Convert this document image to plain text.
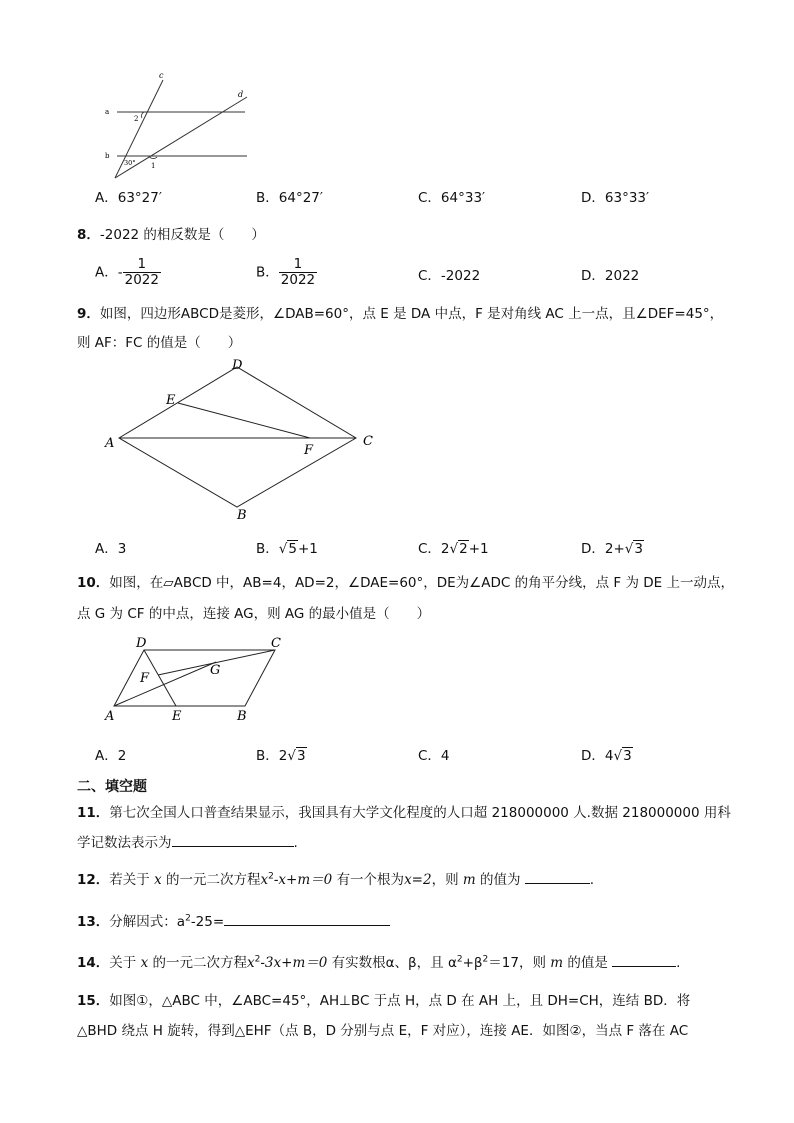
c
d
a
b
2
30° 1
A．63°27′	B．64°27′	C．64°33′	D．63°33′
8．-2022 的相反数是（　　）
A．- $\frac{1}{2022}$	B． $\frac{1}{2022}$	C．-2022	D．2022
9．如图，四边形ABCD是菱形，∠DAB=60°，点 E 是 DA 中点，F 是对角线 AC 上一点，且∠DEF=45°，
则 AF：FC 的值是（　　）
D
E
A	F
C
B
A．3	B．√5+1	C．2√2+1	D．2+√3
10．如图，在▱ABCD 中，AB=4，AD=2，∠DAE=60°，DE为∠ADC 的角平分线，点 F 为 DE 上一动点，
点 G 为 CF 的中点，连接 AG，则 AG 的最小值是（　　）
D	C
F
G
A	E	B
A．2	B．2√3	C．4	D．4√3
二、填空题
11．第七次全国人口普查结果显示，我国具有大学文化程度的人口超 218000000 人.数据 218000000 用科
学记数法表示为	.
12．若关于 x 的一元二次方程$x^2-x+m=0$ 有一个根为x=2，则 m 的值为	.
13．分解因式：$a^2-25=$
14．关于 x 的一元二次方程$x^2-3x+m=0$ 有实数根α、β，且 $\alpha^2+\beta^2=17$，则 m 的值是	.
15．如图①，△ABC 中，∠ABC=45°，AH⊥BC 于点 H，点 D 在 AH 上，且 DH=CH，连结 BD．将
△BHD 绕点 H 旋转，得到△EHF（点 B，D 分别与点 E，F 对应），连接 AE．如图②，当点 F 落在 AC
